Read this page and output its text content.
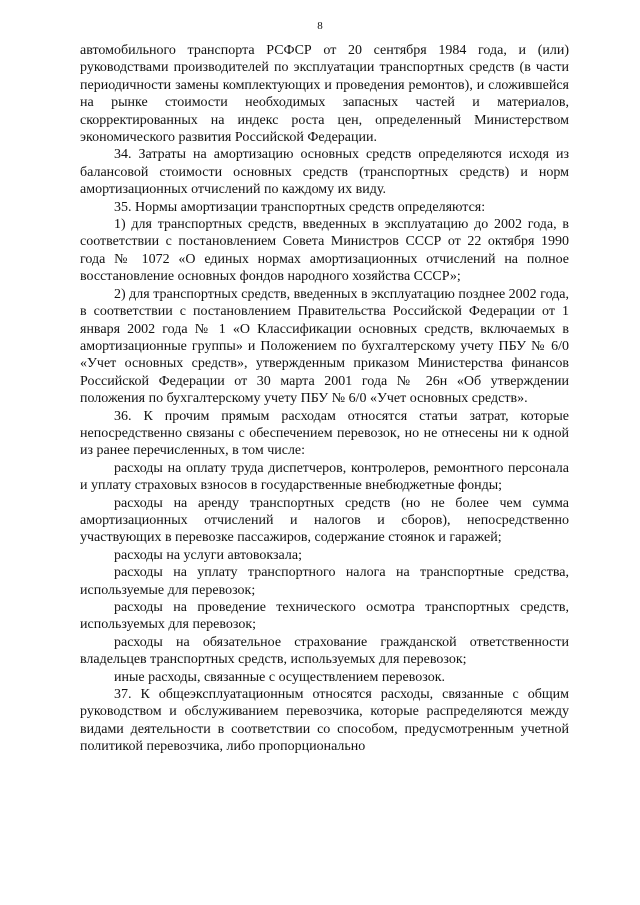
8

автомобильного транспорта РСФСР от 20 сентября 1984 года, и (или) руководствами производителей по эксплуатации транспортных средств (в части периодичности замены комплектующих и проведения ремонтов), и сложившейся на рынке стоимости необходимых запасных частей и материалов, скорректированных на индекс роста цен, определенный Министерством экономического развития Российской Федерации.

34. Затраты на амортизацию основных средств определяются исходя из балансовой стоимости основных средств (транспортных средств) и норм амортизационных отчислений по каждому их виду.

35. Нормы амортизации транспортных средств определяются:

1) для транспортных средств, введенных в эксплуатацию до 2002 года, в соответствии с постановлением Совета Министров СССР от 22 октября 1990 года № 1072 «О единых нормах амортизационных отчислений на полное восстановление основных фондов народного хозяйства СССР»;

2) для транспортных средств, введенных в эксплуатацию позднее 2002 года, в соответствии с постановлением Правительства Российской Федерации от 1 января 2002 года № 1 «О Классификации основных средств, включаемых в амортизационные группы» и Положением по бухгалтерскому учету ПБУ № 6/0 «Учет основных средств», утвержденным приказом Министерства финансов Российской Федерации от 30 марта 2001 года № 26н «Об утверждении положения по бухгалтерскому учету ПБУ № 6/0 «Учет основных средств».

36. К прочим прямым расходам относятся статьи затрат, которые непосредственно связаны с обеспечением перевозок, но не отнесены ни к одной из ранее перечисленных, в том числе:

расходы на оплату труда диспетчеров, контролеров, ремонтного персонала и уплату страховых взносов в государственные внебюджетные фонды;

расходы на аренду транспортных средств (но не более чем сумма амортизационных отчислений и налогов и сборов), непосредственно участвующих в перевозке пассажиров, содержание стоянок и гаражей;

расходы на услуги автовокзала;

расходы на уплату транспортного налога на транспортные средства, используемые для перевозок;

расходы на проведение технического осмотра транспортных средств, используемых для перевозок;

расходы на обязательное страхование гражданской ответственности владельцев транспортных средств, используемых для перевозок;

иные расходы, связанные с осуществлением перевозок.

37. К общеэксплуатационным относятся расходы, связанные с общим руководством и обслуживанием перевозчика, которые распределяются между видами деятельности в соответствии со способом, предусмотренным учетной политикой перевозчика, либо пропорционально
